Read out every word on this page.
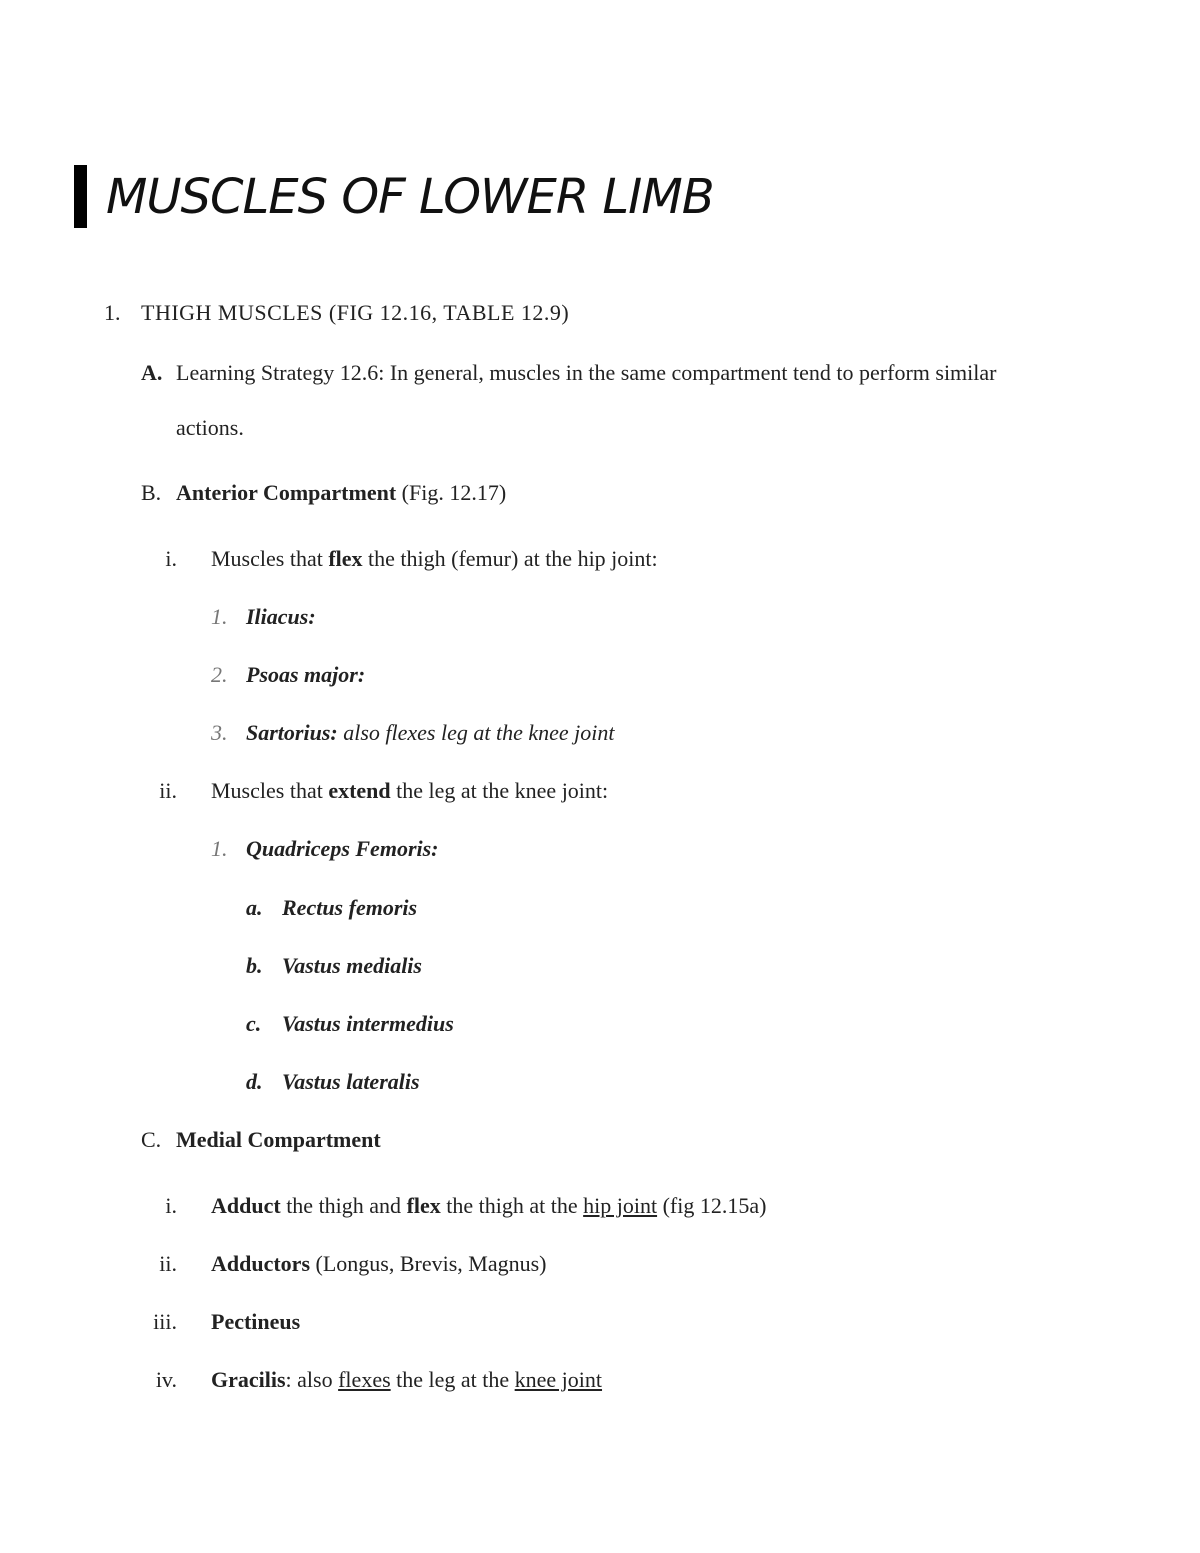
MUSCLES OF LOWER LIMB
1. THIGH MUSCLES (FIG 12.16, TABLE 12.9)
A. Learning Strategy 12.6: In general, muscles in the same compartment tend to perform similar
actions.
B. Anterior Compartment (Fig. 12.17)
i. Muscles that flex the thigh (femur) at the hip joint:
1. Iliacus:
2. Psoas major:
3. Sartorius: also flexes leg at the knee joint
ii. Muscles that extend the leg at the knee joint:
1. Quadriceps Femoris:
a. Rectus femoris
b. Vastus medialis
c. Vastus intermedius
d. Vastus lateralis
C. Medial Compartment
i. Adduct the thigh and flex the thigh at the hip joint (fig 12.15a)
ii. Adductors (Longus, Brevis, Magnus)
iii. Pectineus
iv. Gracilis: also flexes the leg at the knee joint
